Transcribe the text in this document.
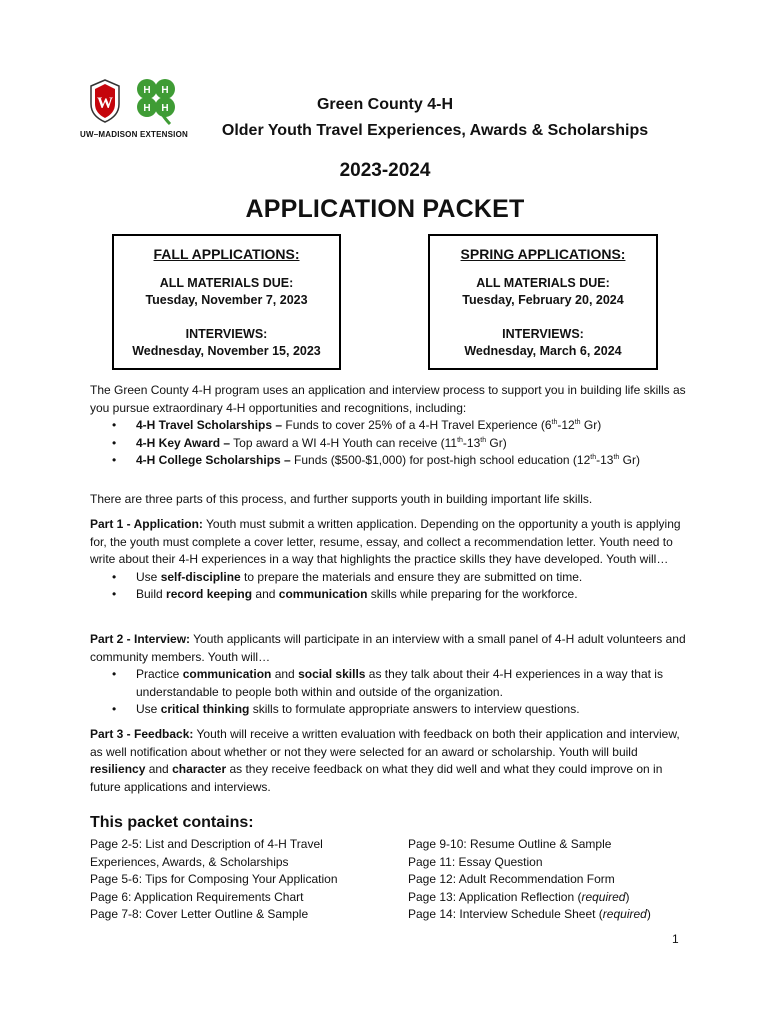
W
H H
H H
UW–MADISON EXTENSION
Green County 4-H
Older Youth Travel Experiences, Awards & Scholarships
2023-2024
APPLICATION PACKET
FALL APPLICATIONS:
ALL MATERIALS DUE:
Tuesday, November 7, 2023
INTERVIEWS:
Wednesday, November 15, 2023
SPRING APPLICATIONS:
ALL MATERIALS DUE:
Tuesday, February 20, 2024
INTERVIEWS:
Wednesday, March 6, 2024
The Green County 4-H program uses an application and interview process to support you in building life skills as you pursue extraordinary 4-H opportunities and recognitions, including:
• 4-H Travel Scholarships – Funds to cover 25% of a 4-H Travel Experience (6th-12th Gr)
• 4-H Key Award – Top award a WI 4-H Youth can receive (11th-13th Gr)
• 4-H College Scholarships – Funds ($500-$1,000) for post-high school education (12th-13th Gr)
There are three parts of this process, and further supports youth in building important life skills.
Part 1 - Application: Youth must submit a written application. Depending on the opportunity a youth is applying for, the youth must complete a cover letter, resume, essay, and collect a recommendation letter. Youth need to write about their 4-H experiences in a way that highlights the practice skills they have developed. Youth will…
• Use self-discipline to prepare the materials and ensure they are submitted on time.
• Build record keeping and communication skills while preparing for the workforce.
Part 2 - Interview: Youth applicants will participate in an interview with a small panel of 4-H adult volunteers and community members. Youth will…
• Practice communication and social skills as they talk about their 4-H experiences in a way that is understandable to people both within and outside of the organization.
• Use critical thinking skills to formulate appropriate answers to interview questions.
Part 3 - Feedback: Youth will receive a written evaluation with feedback on both their application and interview, as well notification about whether or not they were selected for an award or scholarship. Youth will build resiliency and character as they receive feedback on what they did well and what they could improve on in future applications and interviews.
This packet contains:
Page 2-5: List and Description of 4-H Travel
Experiences, Awards, & Scholarships
Page 5-6: Tips for Composing Your Application
Page 6: Application Requirements Chart
Page 7-8: Cover Letter Outline & Sample
Page 9-10: Resume Outline & Sample
Page 11: Essay Question
Page 12: Adult Recommendation Form
Page 13: Application Reflection (required)
Page 14: Interview Schedule Sheet (required)
1
